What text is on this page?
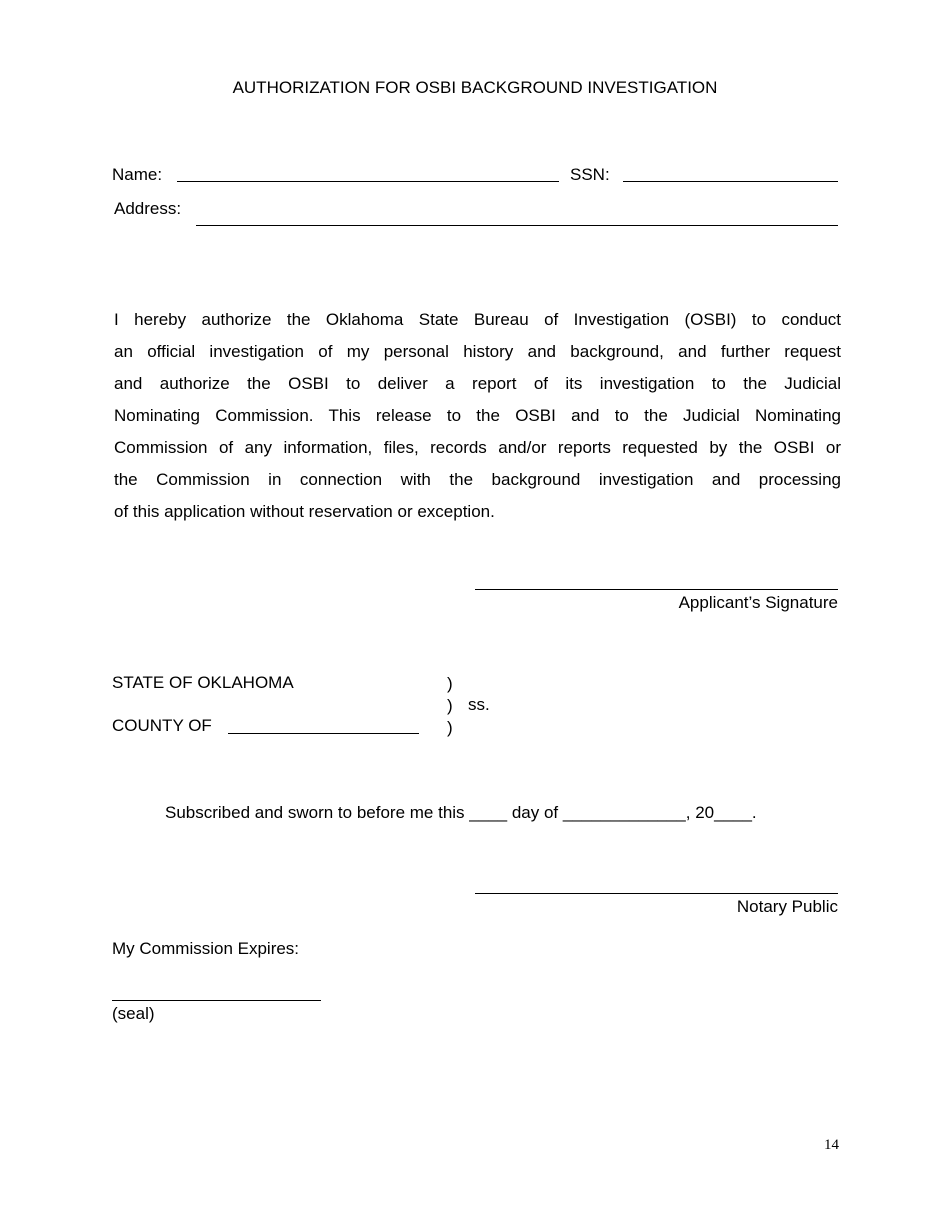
AUTHORIZATION FOR OSBI BACKGROUND INVESTIGATION
Name:	SSN:
Address:
I hereby authorize the Oklahoma State Bureau of Investigation (OSBI) to conduct
an official investigation of my personal history and background, and further request
and authorize the OSBI to deliver a report of its investigation to the Judicial
Nominating Commission. This release to the OSBI and to the Judicial Nominating
Commission of any information, files, records and/or reports requested by the OSBI or
the Commission in connection with the background investigation and processing
of this application without reservation or exception.
Applicant’s Signature
STATE OF OKLAHOMA	)
) ss.
)
COUNTY OF
Subscribed and sworn to before me this ____ day of _____________, 20____.
Notary Public
My Commission Expires:
(seal)
14
